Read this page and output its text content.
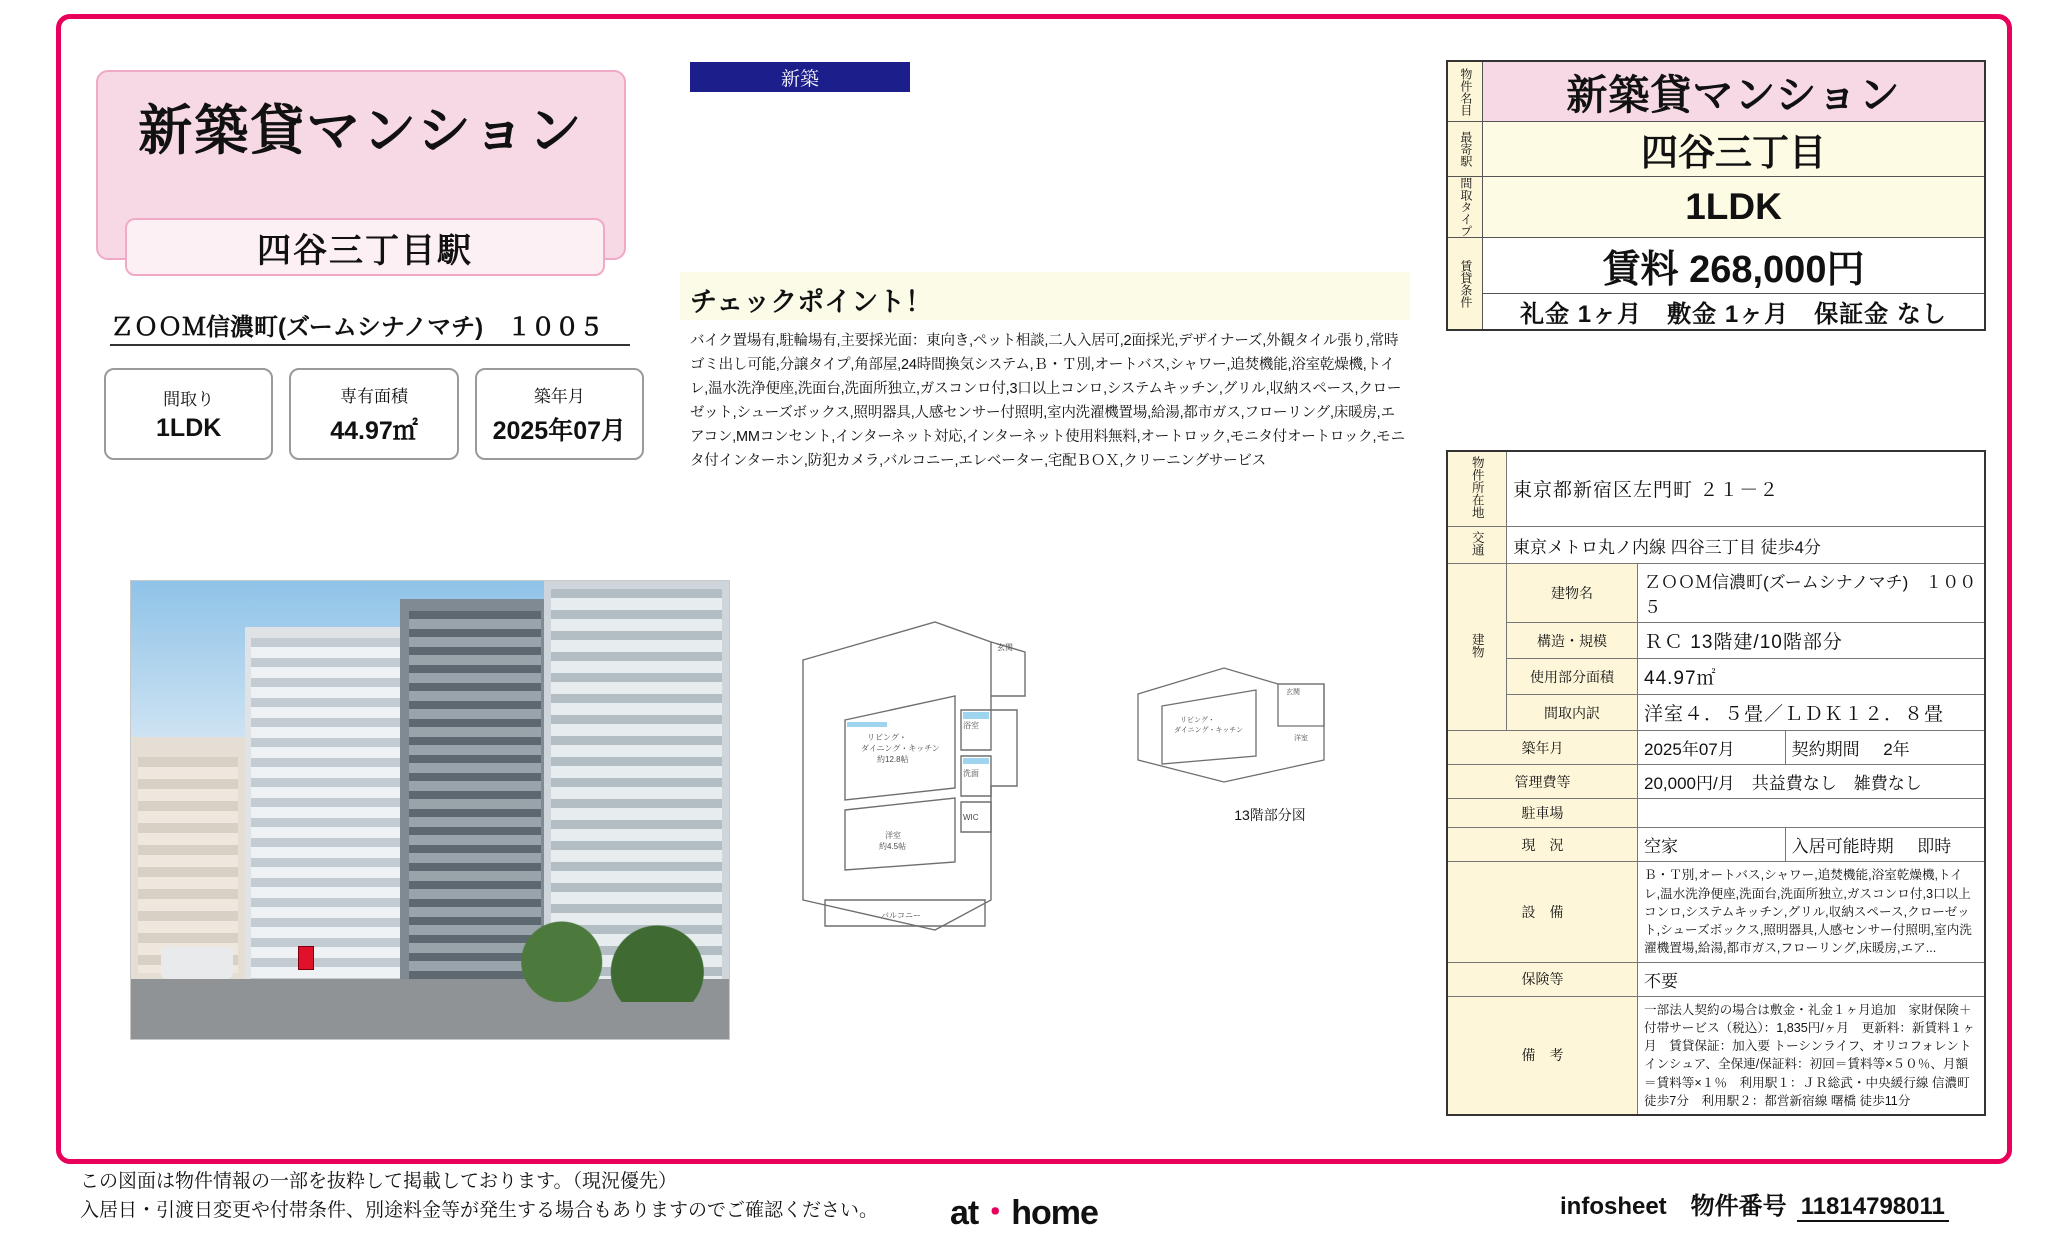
新築貸マンション
四谷三丁目駅
ＺＯＯＭ信濃町(ズームシナノマチ)　１００５
間取り
1LDK
専有面積
44.97㎡
築年月
2025年07月
新築
チェックポイント！
バイク置場有,駐輪場有,主要採光面：東向き,ペット相談,二人入居可,2面採光,デザイナーズ,外観タイル張り,常時ゴミ出し可能,分譲タイプ,角部屋,24時間換気システム,Ｂ・Ｔ別,オートバス,シャワー,追焚機能,浴室乾燥機,トイレ,温水洗浄便座,洗面台,洗面所独立,ガスコンロ付,3口以上コンロ,システムキッチン,グリル,収納スペース,クローゼット,シューズボックス,照明器具,人感センサー付照明,室内洗濯機置場,給湯,都市ガス,フローリング,床暖房,エアコン,MMコンセント,インターネット対応,インターネット使用料無料,オートロック,モニタ付オートロック,モニタ付インターホン,防犯カメラ,バルコニー,エレベーター,宅配ＢＯＸ,クリーニングサービス
リビング・
ダイニング・キッチン
約12.8帖
洋室
約4.5帖
バルコニー
玄関
浴室
洗面
WIC
リビング・
ダイニング・キッチン
玄関
洋室
13階部分図
物件名目	新築貸マンション
最寄駅	四谷三丁目
間取タイプ	1LDK
賃貸条件	賃料 268,000円
	礼金 1ヶ月　敷金 1ヶ月　保証金 なし
物件所在地	東京都新宿区左門町 ２１－２		
交通	東京メトロ丸ノ内線 四谷三丁目 徒歩4分		
建物	建物名	ＺＯＯＭ信濃町(ズームシナノマチ)　１００５	
	構造・規模	ＲＣ 13階建/10階部分	
	使用部分面積	44.97㎡	
	間取内訳	洋室４．５畳／ＬＤＫ１２．８畳	
築年月		2025年07月	契約期間 2年
管理費等		20,000円/月　共益費なし　雑費なし	
駐車場			
現　況		空家	入居可能時期 即時
設　備		Ｂ・Ｔ別,オートバス,シャワー,追焚機能,浴室乾燥機,トイレ,温水洗浄便座,洗面台,洗面所独立,ガスコンロ付,3口以上コンロ,システムキッチン,グリル,収納スペース,クローゼット,シューズボックス,照明器具,人感センサー付照明,室内洗濯機置場,給湯,都市ガス,フローリング,床暖房,エア...	
保険等		不要	
備　考		一部法人契約の場合は敷金・礼金１ヶ月追加　家財保険＋付帯サービス（税込）：1,835円/ヶ月　更新料：新賃料１ヶ月　賃貸保証：加入要 トーシンライフ、オリコフォレントインシュア、全保連/保証料：初回＝賃料等×５０％、月額＝賃料等×１％　利用駅１：ＪＲ総武・中央緩行線 信濃町 徒歩7分　利用駅２：都営新宿線 曙橋 徒歩11分	
この図面は物件情報の一部を抜粋して掲載しております。（現況優先）
入居日・引渡日変更や付帯条件、別途料金等が発生する場合もありますのでご確認ください。	at・home	infosheet　物件番号 11814798011
